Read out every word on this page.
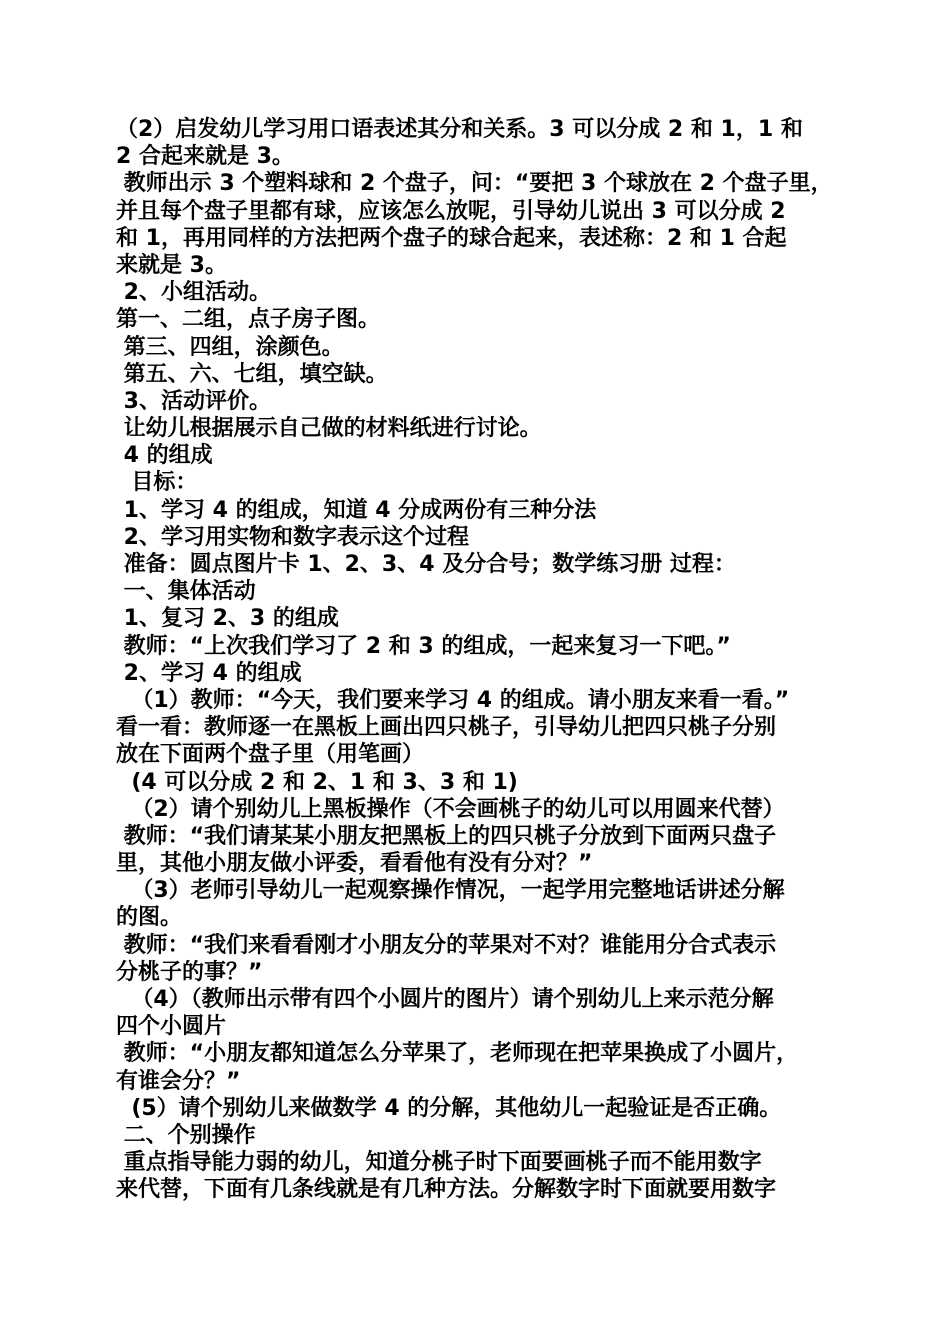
（2）启发幼儿学习用口语表述其分和关系。3 可以分成 2 和 1，1 和
2 合起来就是 3。
教师出示 3 个塑料球和 2 个盘子，问：“要把 3 个球放在 2 个盘子里，
并且每个盘子里都有球，应该怎么放呢，引导幼儿说出 3 可以分成 2
和 1，再用同样的方法把两个盘子的球合起来，表述称：2 和 1 合起
来就是 3。
2、小组活动。
第一、二组，点子房子图。
第三、四组，涂颜色。
第五、六、七组，填空缺。
3、活动评价。
让幼儿根据展示自己做的材料纸进行讨论。
4 的组成
目标：
1、学习 4 的组成，知道 4 分成两份有三种分法
2、学习用实物和数字表示这个过程
准备：圆点图片卡 1、2、3、4 及分合号；数学练习册 过程：
一、集体活动
1、复习 2、3 的组成
教师：“上次我们学习了 2 和 3 的组成，一起来复习一下吧。”
2、学习 4 的组成
（1）教师：“今天，我们要来学习 4 的组成。请小朋友来看一看。”
看一看：教师逐一在黑板上画出四只桃子，引导幼儿把四只桃子分别
放在下面两个盘子里（用笔画）
(4 可以分成 2 和 2、1 和 3、3 和 1)
（2）请个别幼儿上黑板操作（不会画桃子的幼儿可以用圆来代替）
教师：“我们请某某小朋友把黑板上的四只桃子分放到下面两只盘子
里，其他小朋友做小评委，看看他有没有分对？”
（3）老师引导幼儿一起观察操作情况，一起学用完整地话讲述分解
的图。
教师：“我们来看看刚才小朋友分的苹果对不对？谁能用分合式表示
分桃子的事？”
（4）（教师出示带有四个小圆片的图片）请个别幼儿上来示范分解
四个小圆片
教师：“小朋友都知道怎么分苹果了，老师现在把苹果换成了小圆片，
有谁会分？”
(5）请个别幼儿来做数学 4 的分解，其他幼儿一起验证是否正确。
二、个别操作
重点指导能力弱的幼儿，知道分桃子时下面要画桃子而不能用数字
来代替，下面有几条线就是有几种方法。分解数字时下面就要用数字
